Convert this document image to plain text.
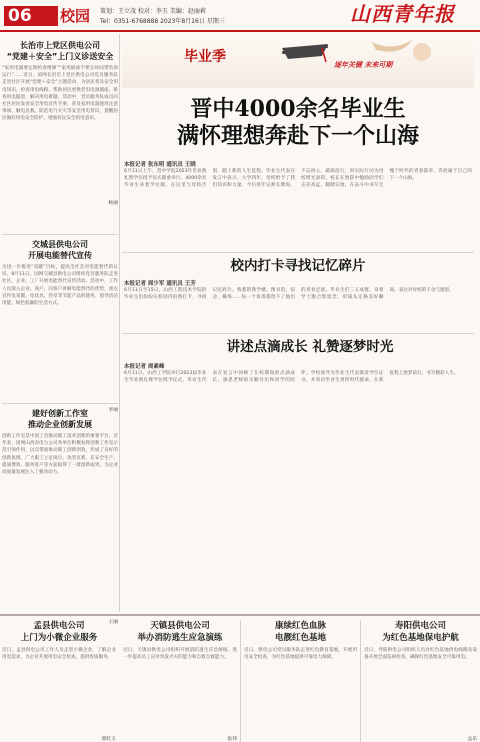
06	校园 策划：王立茂 校对：李玉 美编：赵丽莉
Tel：0351-6768888 2023年8月16日 星期三	山西青年报
长治市上党区供电公司
“党建＋安全”上门义诊送安全
“家用电器要定期检查维修”“家用插座不要长时间带负荷运行”……近日，国网长治市上党区供电公司党员服务队走进社区开展“党建＋安全”主题活动，为居民普及安全用电知识，检查用电线路，帮助居民更换老旧电源插座，排查用电隐患，解决用电难题。活动中，党员服务队成员向社区居民发放安全用电宣传手册，普及家用电器使用注意事项、触电急救、防范电气火灾等安全用电常识，提醒居民做好用电安全防护，增强居民安全用电意识。
杨丽
交城县供电公司
开展电能替代宣传
为进一步推进“双碳”目标，提高全社会对电能替代的认识，8月11日，国网交城县供电公司组织党员服务队走进社区、企业、工厂开展电能替代宣传活动。活动中，工作人员深入企业、商户，向客户讲解电能替代的优势，重点宣传电采暖、电炊具、热泵等节能产品的使用，倡导清洁用能、绿色低碳的生活方式。
李丽
建好创新工作室
推动企业创新发展
创新工作室是中国工会推动职工技术创新的重要平台。近年来，国网山西省电力公司各单位积极发挥创新工作室示范引领作用，以点带面推动职工创新创效，形成了良好的创新氛围，广大职工立足岗位、攻坚克难，在安全生产、提质增效、服务客户等方面取得了一批创新成果，为企业高质量发展注入了强劲动力。
王丽
毕业季	逐年关键 未来可期
晋中4000余名毕业生
满怀理想奔赴下一个山海
本报记者 张东明 通讯员 王晓
6月11日上午，晋中学院2023年毕业典礼暨学位授予仪式隆重举行。4000余名毕业生身着学位服，在这里与母校告别，踏上新的人生征程。毕业生代表在发言中表示，大学四年，母校给予了我们知识和力量，今后将牢记师长教诲，不忘初心、砥砺前行，用实际行动为母校增光添彩。校长在致辞中勉励同学们志存高远、脚踏实地，在奋斗中书写无愧于时代的青春篇章，奔赴属于自己的下一个山海。
校内打卡寻找记忆碎片
本报记者 周少军 通讯员 王芳
6月11日至15日，山西工程技术学院的毕业生们纷纷在校园内拍照打卡，寻找记忆碎片。熟悉的教学楼、图书馆、宿舍、操场……每一个角落都留下了他们的青春足迹。毕业生们三五成群，身着学士服合影留念，用镜头定格美好瞬间，表达对母校的不舍与感恩。
讲述点滴成长 礼赞逐梦时光
本报记者 周素峰
6月11日，山西工学院举行2023届毕业生毕业典礼暨学位授予仪式。毕业生代表在发言中回顾了在校期间的点滴成长，感恩老师的辛勤付出和同学的陪伴。学校领导为毕业生代表颁发学位证书，并寄语毕业生勇担时代使命，在新征程上逐梦前行，书写精彩人生。
孟县供电公司
上门为小微企业服务
近日，孟县供电公司工作人员走进小微企业，了解企业用电需求，为企业开展用电安全检查，提供优质服务。
郭红玉
天镇县供电公司
举办消防逃生应急演练
近日，天镇县供电公司组织开展消防逃生应急演练，进一步提高员工应对突发火灾的能力和自救互救能力。
张伟
康续红色血脉
电靓红色基地
近日，供电公司党员服务队走进红色教育基地，开展用电安全检查，为红色基地提供可靠电力保障。
寿阳供电公司
为红色基地保电护航
近日，寿阳供电公司组织人员对红色基地供电线路及设备开展全面巡视检查，确保红色基地安全可靠用电。
孟乐
